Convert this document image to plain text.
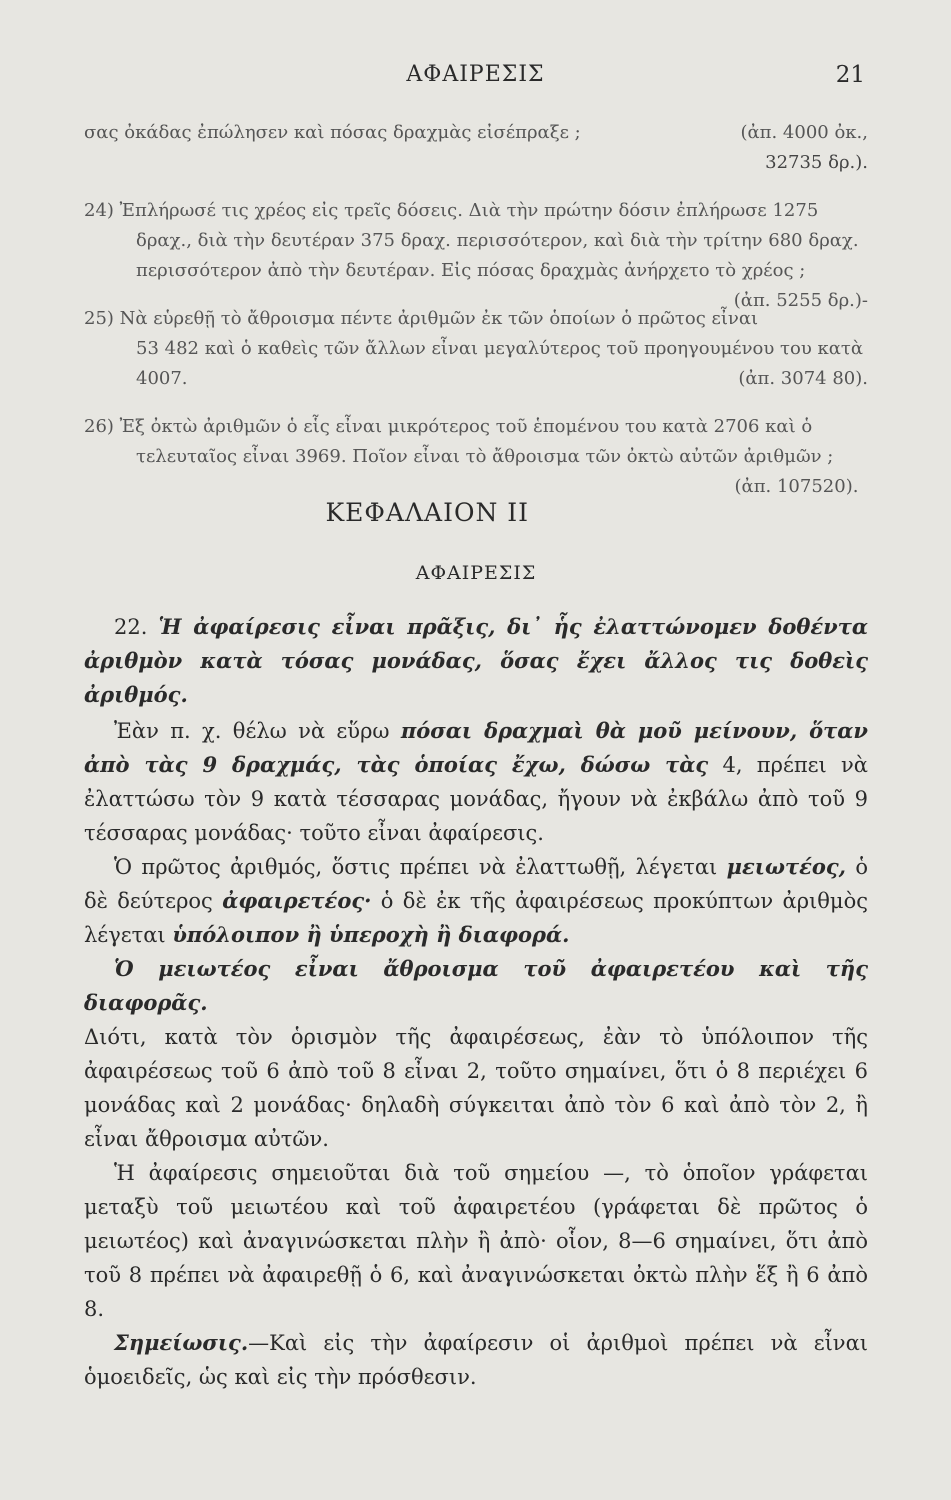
ΑΦΑΙΡΕΣΙΣ	21

σας ὀκάδας ἐπώλησεν καὶ πόσας δραχμὰς εἰσέπραξε ;	(ἀπ. 4000 ὀκ.,

32735 δρ.).

24) Ἐπλήρωσέ τις χρέος εἰς τρεῖς δόσεις. Διὰ τὴν πρώτην δόσιν ἐπλήρωσε 1275 δραχ., διὰ τὴν δευτέραν 375 δραχ. περισσότερον, καὶ διὰ τὴν τρίτην 680 δραχ. περισσότερον ἀπὸ τὴν δευτέραν. Εἰς πόσας δραχμὰς ἀνήρχετο τὸ χρέος ;
(ἀπ. 5255 δρ.)-

25) Νὰ εὑρεθῇ τὸ ἄθροισμα πέντε ἀριθμῶν ἐκ τῶν ὁποίων ὁ πρῶτος εἶναι 53 482 καὶ ὁ καθεὶς τῶν ἄλλων εἶναι μεγαλύτερος τοῦ προηγουμένου του κατὰ 4007.	(ἀπ. 3074 80).

26) Ἐξ ὀκτὼ ἀριθμῶν ὁ εἷς εἶναι μικρότερος τοῦ ἑπομένου του κατὰ 2706 καὶ ὁ τελευταῖος εἶναι 3969. Ποῖον εἶναι τὸ ἄθροισμα τῶν ὀκτὼ αὐτῶν ἀριθμῶν ;
(ἀπ. 107520).

ΚΕΦΑΛΑΙΟΝ ΙΙ
ΑΦΑΙΡΕΣΙΣ

22. Ἡ ἀφαίρεσις εἶναι πρᾶξις, δι᾿ ἧς ἐλαττώνομεν δοθέντα ἀριθμὸν κατὰ τόσας μονάδας, ὅσας ἔχει ἄλλος τις δοθεὶς ἀριθμός.

Ἐὰν π. χ. θέλω νὰ εὕρω πόσαι δραχμαὶ θὰ μοῦ μείνουν, ὅταν ἀπὸ τὰς 9 δραχμάς, τὰς ὁποίας ἔχω, δώσω τὰς 4, πρέπει νὰ ἐλαττώσω τὸν 9 κατὰ τέσσαρας μονάδας, ἤγουν νὰ ἐκβάλω ἀπὸ τοῦ 9 τέσσαρας μονάδας· τοῦτο εἶναι ἀφαίρεσις.

Ὁ πρῶτος ἀριθμός, ὅστις πρέπει νὰ ἐλαττωθῇ, λέγεται μειωτέος, ὁ δὲ δεύτερος ἀφαιρετέος· ὁ δὲ ἐκ τῆς ἀφαιρέσεως προκύπτων ἀριθμὸς λέγεται ὑπόλοιπον ἢ ὑπεροχὴ ἢ διαφορά.

Ὁ μειωτέος εἶναι ἄθροισμα τοῦ ἀφαιρετέου καὶ τῆς διαφορᾶς.

Διότι, κατὰ τὸν ὁρισμὸν τῆς ἀφαιρέσεως, ἐὰν τὸ ὑπόλοιπον τῆς ἀφαιρέσεως τοῦ 6 ἀπὸ τοῦ 8 εἶναι 2, τοῦτο σημαίνει, ὅτι ὁ 8 περιέχει 6 μονάδας καὶ 2 μονάδας· δηλαδὴ σύγκειται ἀπὸ τὸν 6 καὶ ἀπὸ τὸν 2, ἢ εἶναι ἄθροισμα αὐτῶν.

Ἡ ἀφαίρεσις σημειοῦται διὰ τοῦ σημείου —, τὸ ὁποῖον γράφεται μεταξὺ τοῦ μειωτέου καὶ τοῦ ἀφαιρετέου (γράφεται δὲ πρῶτος ὁ μειωτέος) καὶ ἀναγινώσκεται πλὴν ἢ ἀπὸ· οἷον, 8—6 σημαίνει, ὅτι ἀπὸ τοῦ 8 πρέπει νὰ ἀφαιρεθῇ ὁ 6, καὶ ἀναγινώσκεται ὀκτὼ πλὴν ἕξ ἢ 6 ἀπὸ 8.

Σημείωσις.—Καὶ εἰς τὴν ἀφαίρεσιν οἱ ἀριθμοὶ πρέπει νὰ εἶναι ὁμοειδεῖς, ὡς καὶ εἰς τὴν πρόσθεσιν.
